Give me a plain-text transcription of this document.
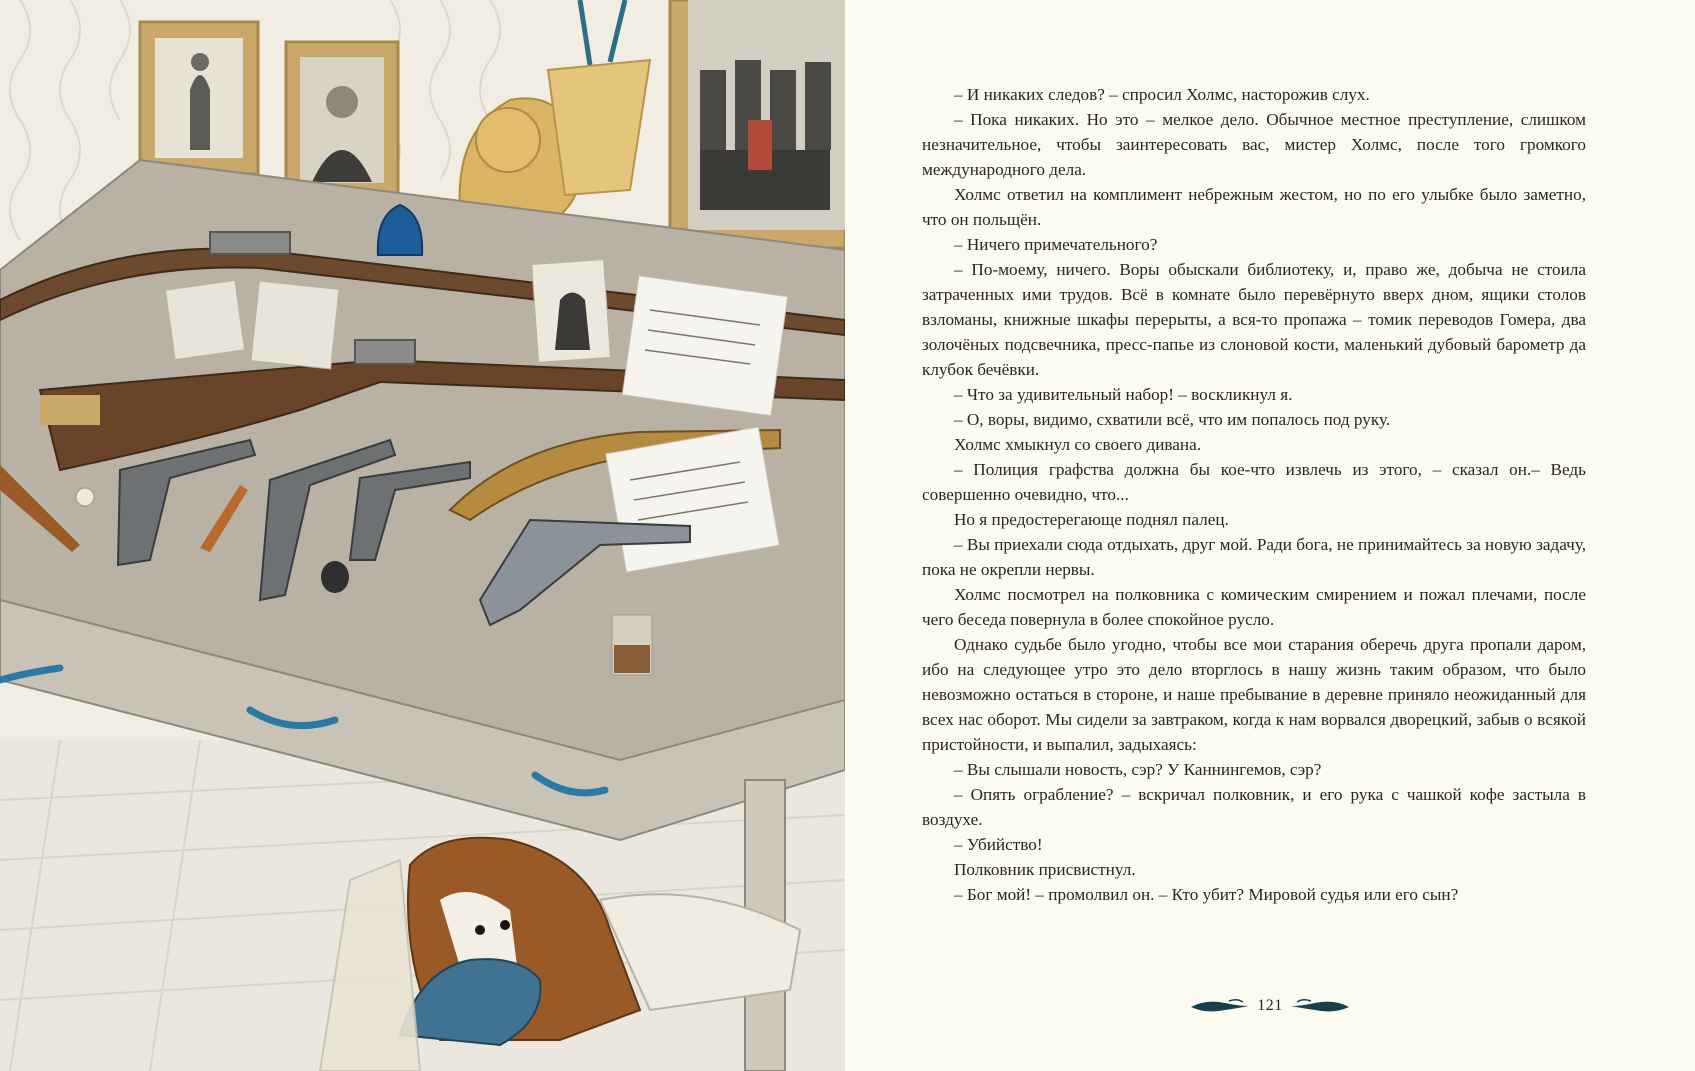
– И никаких следов? – спросил Холмс, насторожив слух.

– Пока никаких. Но это – мелкое дело. Обычное местное преступление, слишком незначительное, чтобы заинтересовать вас, мистер Холмс, после того громкого международного дела.

Холмс ответил на комплимент небрежным жестом, но по его улыбке было заметно, что он польщён.

– Ничего примечательного?

– По-моему, ничего. Воры обыскали библиотеку, и, право же, добыча не стоила затраченных ими трудов. Всё в комнате было перевёрнуто вверх дном, ящики столов взломаны, книжные шкафы перерыты, а вся-то пропажа – томик переводов Гомера, два золочёных подсвечника, пресс-папье из слоновой кости, маленький дубовый барометр да клубок бечёвки.

– Что за удивительный набор! – воскликнул я.

– О, воры, видимо, схватили всё, что им попалось под руку.

Холмс хмыкнул со своего дивана.

– Полиция графства должна бы кое-что извлечь из этого, – сказал он.– Ведь совершенно очевидно, что...

Но я предостерегающе поднял палец.

– Вы приехали сюда отдыхать, друг мой. Ради бога, не принимайтесь за новую задачу, пока не окрепли нервы.

Холмс посмотрел на полковника с комическим смирением и пожал плечами, после чего беседа повернула в более спокойное русло.

Однако судьбе было угодно, чтобы все мои старания оберечь друга пропали даром, ибо на следующее утро это дело вторглось в нашу жизнь таким образом, что было невозможно остаться в стороне, и наше пребывание в деревне приняло неожиданный для всех нас оборот. Мы сидели за завтраком, когда к нам ворвался дворецкий, забыв о всякой пристойности, и выпалил, задыхаясь:

– Вы слышали новость, сэр? У Каннингемов, сэр?

– Опять ограбление? – вскричал полковник, и его рука с чашкой кофе застыла в воздухе.

– Убийство!

Полковник присвистнул.

– Бог мой! – промолвил он. – Кто убит? Мировой судья или его сын?

121
